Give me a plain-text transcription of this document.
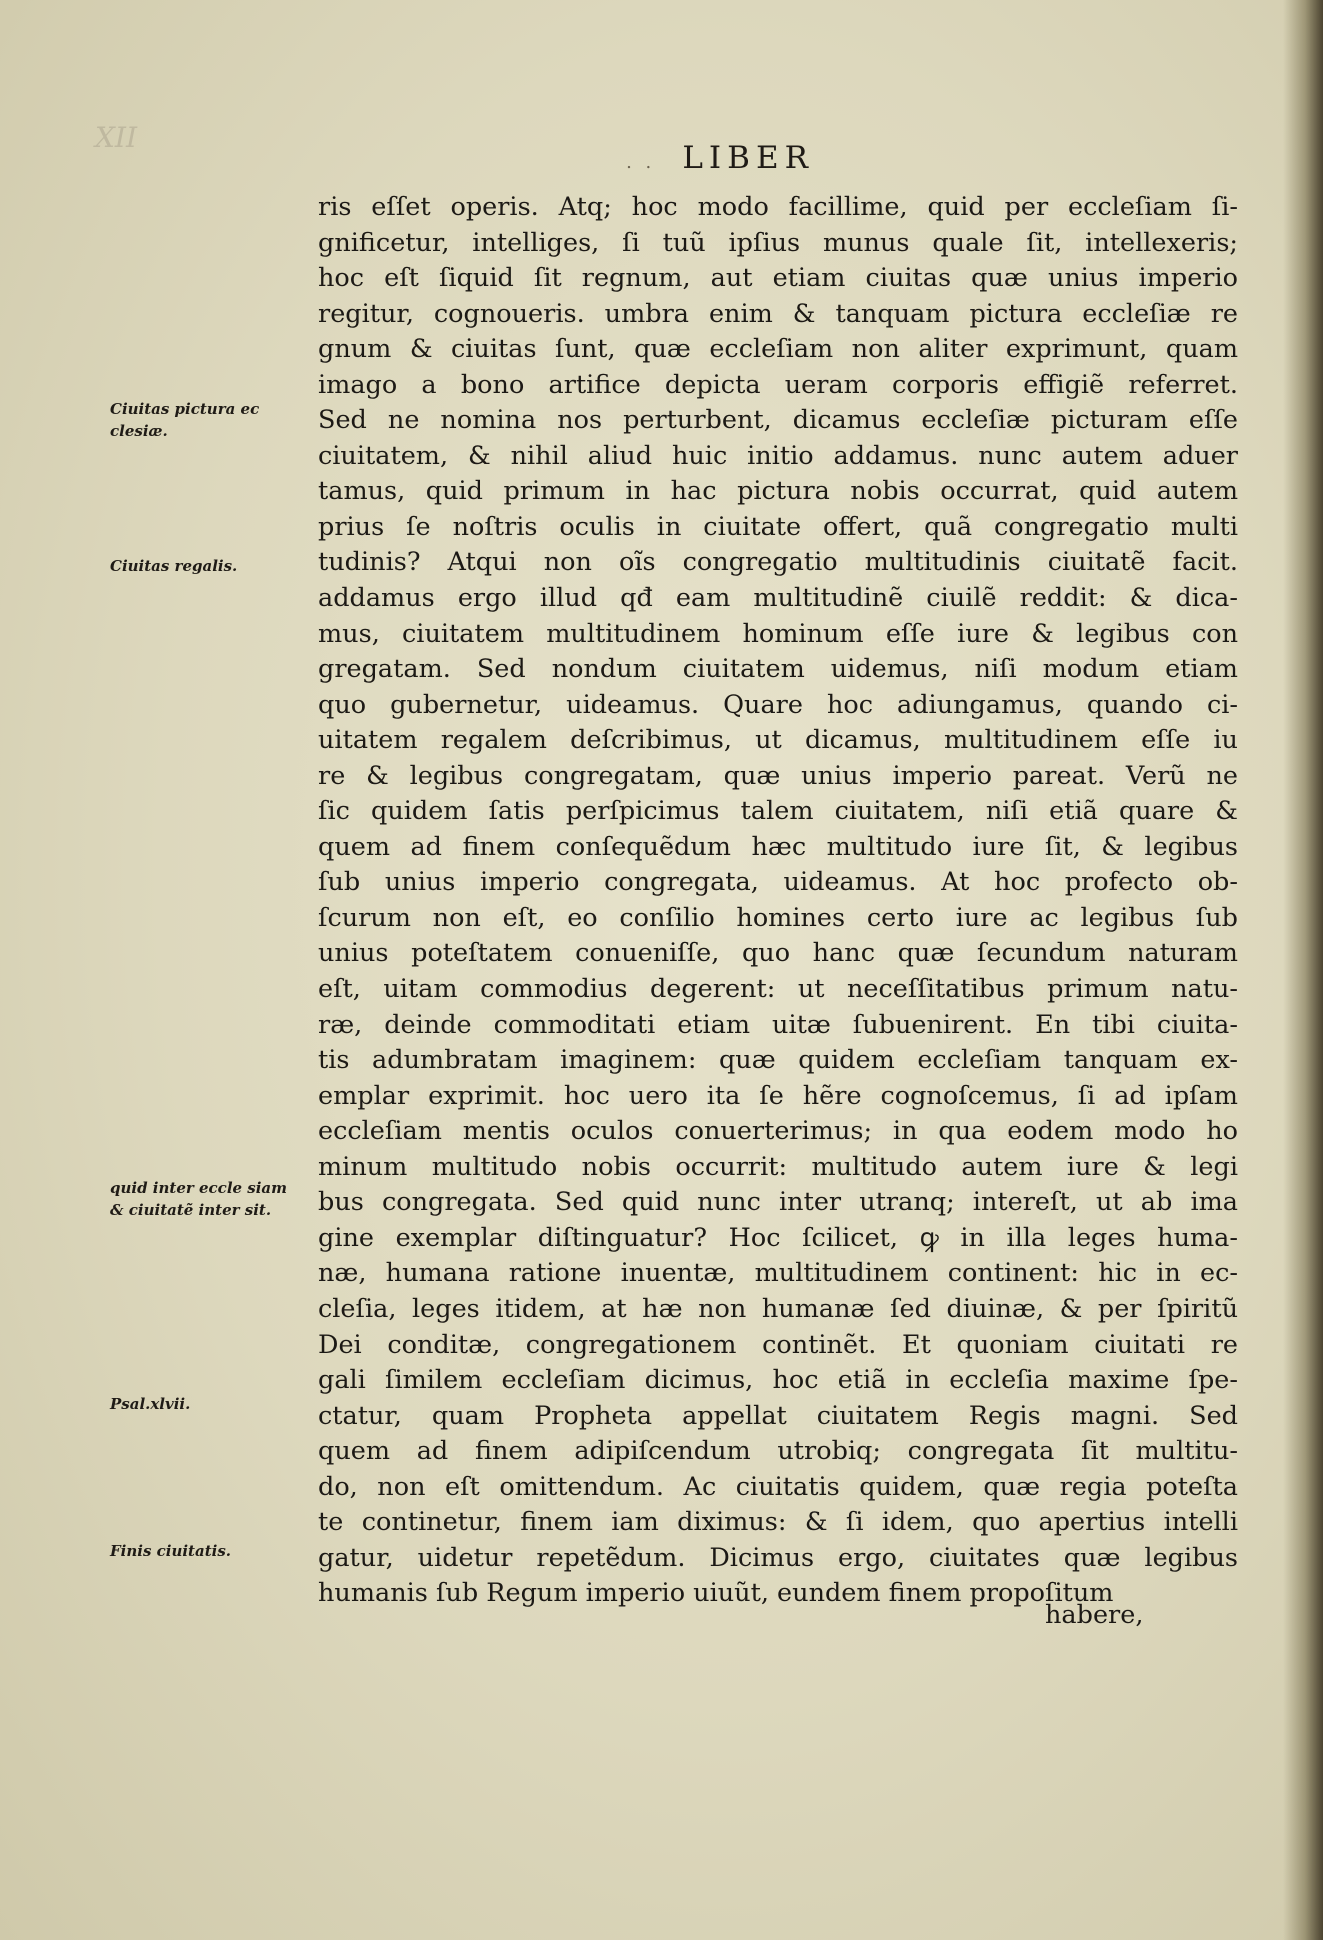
XII
. . LIBER
Ciuitas pictura ec
clesiæ.
Ciuitas regalis.
quid inter eccle siam
& ciuitatẽ inter sit.
Psal.xlvii.
Finis ciuitatis.
ris eſſet operis. Atq; hoc modo facillime, quid per eccleſiam ſi-
gnificetur, intelliges, ſi tuũ ipſius munus quale ſit, intellexeris;
hoc eſt ſiquid ſit regnum, aut etiam ciuitas quæ unius imperio
regitur, cognoueris. umbra enim & tanquam pictura eccleſiæ re
gnum & ciuitas ſunt, quæ eccleſiam non aliter exprimunt, quam
imago a bono artifice depicta ueram corporis effigiẽ referret.
Sed ne nomina nos perturbent, dicamus eccleſiæ picturam eſſe
ciuitatem, & nihil aliud huic initio addamus. nunc autem aduer
tamus, quid primum in hac pictura nobis occurrat, quid autem
prius ſe noſtris oculis in ciuitate offert, quã congregatio multi
tudinis? Atqui non oĩs congregatio multitudinis ciuitatẽ facit.
addamus ergo illud qđ eam multitudinẽ ciuilẽ reddit: & dica-
mus, ciuitatem multitudinem hominum eſſe iure & legibus con
gregatam. Sed nondum ciuitatem uidemus, niſi modum etiam
quo gubernetur, uideamus. Quare hoc adiungamus, quando ci-
uitatem regalem deſcribimus, ut dicamus, multitudinem eſſe iu
re & legibus congregatam, quæ unius imperio pareat. Verũ ne
ſic quidem ſatis perſpicimus talem ciuitatem, niſi etiã quare &
quem ad finem conſequẽdum hæc multitudo iure ſit, & legibus
ſub unius imperio congregata, uideamus. At hoc profecto ob-
ſcurum non eſt, eo conſilio homines certo iure ac legibus ſub
unius poteſtatem conueniſſe, quo hanc quæ ſecundum naturam
eſt, uitam commodius degerent: ut neceſſitatibus primum natu-
ræ, deinde commoditati etiam uitæ ſubuenirent. En tibi ciuita-
tis adumbratam imaginem: quæ quidem eccleſiam tanquam ex-
emplar exprimit. hoc uero ita ſe hẽre cognoſcemus, ſi ad ipſam
eccleſiam mentis oculos conuerterimus; in qua eodem modo ho
minum multitudo nobis occurrit: multitudo autem iure & legi
bus congregata. Sed quid nunc inter utranq; intereſt, ut ab ima
gine exemplar diſtinguatur? Hoc ſcilicet, ꝙ in illa leges huma-
næ, humana ratione inuentæ, multitudinem continent: hic in ec-
cleſia, leges itidem, at hæ non humanæ ſed diuinæ, & per ſpiritũ
Dei conditæ, congregationem continẽt. Et quoniam ciuitati re
gali ſimilem eccleſiam dicimus, hoc etiã in eccleſia maxime ſpe-
ctatur, quam Propheta appellat ciuitatem Regis magni. Sed
quem ad finem adipiſcendum utrobiq; congregata ſit multitu-
do, non eſt omittendum. Ac ciuitatis quidem, quæ regia poteſta
te continetur, finem iam diximus: & ſi idem, quo apertius intelli
gatur, uidetur repetẽdum. Dicimus ergo, ciuitates quæ legibus
humanis ſub Regum imperio uiuũt, eundem finem propoſitum
habere,
